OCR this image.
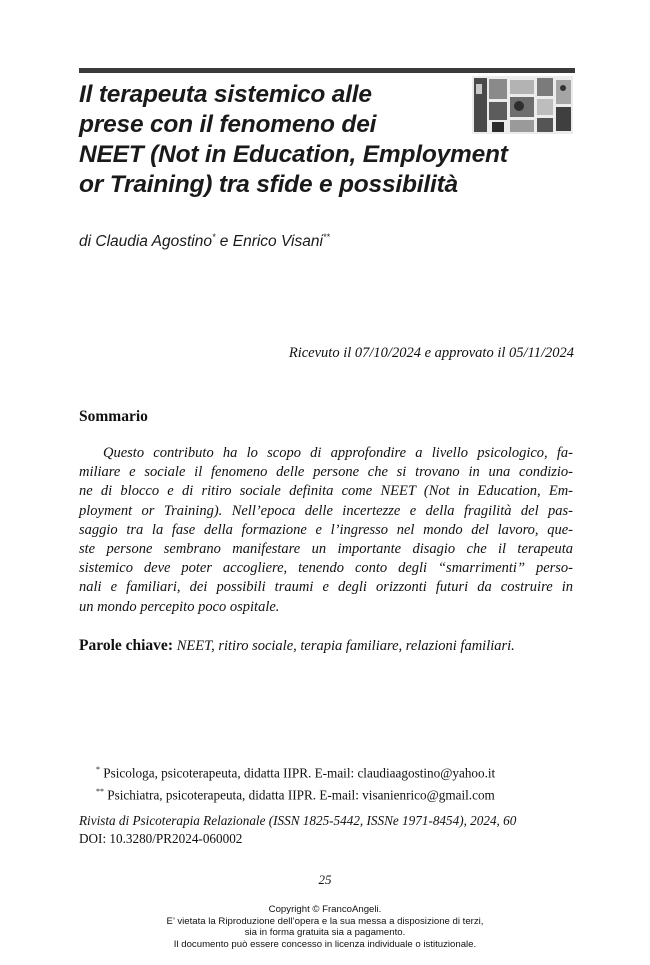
Il terapeuta sistemico alle
prese con il fenomeno dei
NEET (Not in Education, Employment
or Training) tra sfide e possibilità
di Claudia Agostino* e Enrico Visani**
Ricevuto il 07/10/2024 e approvato il 05/11/2024
Sommario
Questo contributo ha lo scopo di approfondire a livello psicologico, fa-
miliare e sociale il fenomeno delle persone che si trovano in una condizio-
ne di blocco e di ritiro sociale definita come NEET (Not in Education, Em-
ployment or Training). Nell’epoca delle incertezze e della fragilità del pas-
saggio tra la fase della formazione e l’ingresso nel mondo del lavoro, que-
ste persone sembrano manifestare un importante disagio che il terapeuta
sistemico deve poter accogliere, tenendo conto degli “smarrimenti” perso-
nali e familiari, dei possibili traumi e degli orizzonti futuri da costruire in
un mondo percepito poco ospitale.
Parole chiave: NEET, ritiro sociale, terapia familiare, relazioni familiari.
* Psicologa, psicoterapeuta, didatta IIPR. E-mail: claudiaagostino@yahoo.it
** Psichiatra, psicoterapeuta, didatta IIPR. E-mail: visanienrico@gmail.com
Rivista di Psicoterapia Relazionale (ISSN 1825-5442, ISSNe 1971-8454), 2024, 60
DOI: 10.3280/PR2024-060002
25
Copyright © FrancoAngeli.
E’ vietata la Riproduzione dell’opera e la sua messa a disposizione di terzi,
sia in forma gratuita sia a pagamento.
Il documento può essere concesso in licenza individuale o istituzionale.
